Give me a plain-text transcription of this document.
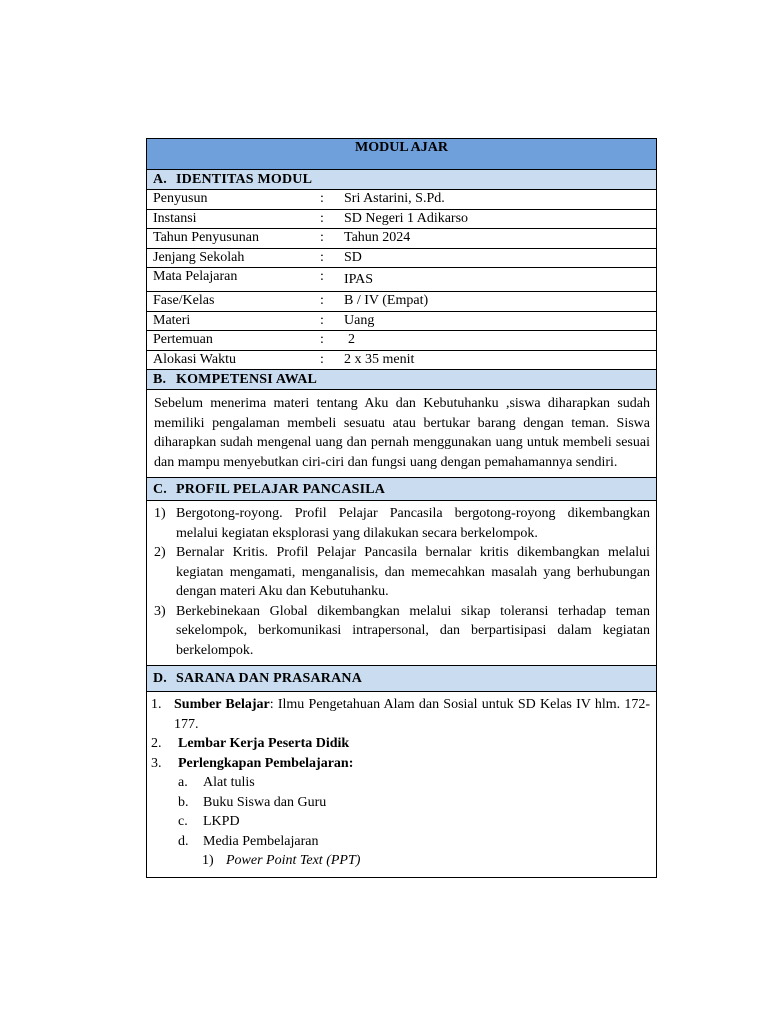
MODUL AJAR
A. IDENTITAS MODUL
Penyusun	:	Sri Astarini, S.Pd.
Instansi	:	SD Negeri 1 Adikarso
Tahun Penyusunan	:	Tahun 2024
Jenjang Sekolah	:	SD
Mata Pelajaran	:	IPAS
Fase/Kelas	:	B / IV (Empat)
Materi	:	Uang
Pertemuan	:	2
Alokasi Waktu	:	2 x 35 menit
B. KOMPETENSI AWAL
Sebelum menerima materi tentang Aku dan Kebutuhanku ,siswa diharapkan sudah memiliki pengalaman membeli sesuatu atau bertukar barang dengan teman. Siswa diharapkan sudah mengenal uang dan pernah menggunakan uang untuk membeli sesuai dan mampu menyebutkan ciri-ciri dan fungsi uang dengan pemahamannya sendiri.
C. PROFIL PELAJAR PANCASILA
1) Bergotong-royong. Profil Pelajar Pancasila bergotong-royong dikembangkan melalui kegiatan eksplorasi yang dilakukan secara berkelompok.
2) Bernalar Kritis. Profil Pelajar Pancasila bernalar kritis dikembangkan melalui kegiatan mengamati, menganalisis, dan memecahkan masalah yang berhubungan dengan materi Aku dan Kebutuhanku.
3) Berkebinekaan Global dikembangkan melalui sikap toleransi terhadap teman sekelompok, berkomunikasi intrapersonal, dan berpartisipasi dalam kegiatan berkelompok.
D. SARANA DAN PRASARANA
1. Sumber Belajar: Ilmu Pengetahuan Alam dan Sosial untuk SD Kelas IV hlm. 172-177.
2.	Lembar Kerja Peserta Didik
3.	Perlengkapan Pembelajaran:
a.	Alat tulis
b.	Buku Siswa dan Guru
c.	LKPD
d.	Media Pembelajaran
1) Power Point Text (PPT)
